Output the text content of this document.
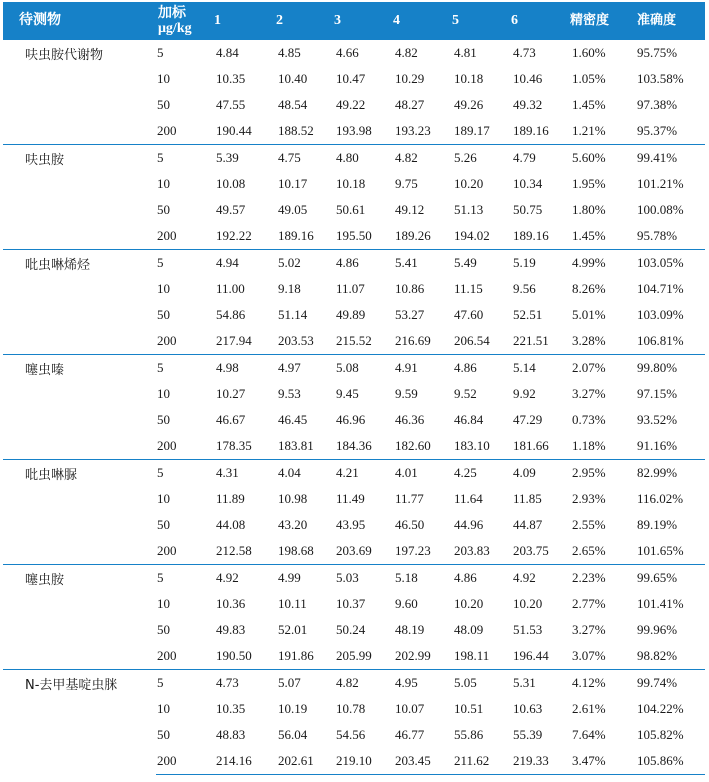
待测物	加标
μg/kg	1	2	3	4	5	6	精密度	准确度
呋虫胺代谢物	5	4.84	4.85	4.66	4.82	4.81	4.73	1.60%	95.75%
	10	10.35	10.40	10.47	10.29	10.18	10.46	1.05%	103.58%
	50	47.55	48.54	49.22	48.27	49.26	49.32	1.45%	97.38%
	200	190.44	188.52	193.98	193.23	189.17	189.16	1.21%	95.37%
呋虫胺	5	5.39	4.75	4.80	4.82	5.26	4.79	5.60%	99.41%
	10	10.08	10.17	10.18	9.75	10.20	10.34	1.95%	101.21%
	50	49.57	49.05	50.61	49.12	51.13	50.75	1.80%	100.08%
	200	192.22	189.16	195.50	189.26	194.02	189.16	1.45%	95.78%
吡虫啉烯烃	5	4.94	5.02	4.86	5.41	5.49	5.19	4.99%	103.05%
	10	11.00	9.18	11.07	10.86	11.15	9.56	8.26%	104.71%
	50	54.86	51.14	49.89	53.27	47.60	52.51	5.01%	103.09%
	200	217.94	203.53	215.52	216.69	206.54	221.51	3.28%	106.81%
噻虫嗪	5	4.98	4.97	5.08	4.91	4.86	5.14	2.07%	99.80%
	10	10.27	9.53	9.45	9.59	9.52	9.92	3.27%	97.15%
	50	46.67	46.45	46.96	46.36	46.84	47.29	0.73%	93.52%
	200	178.35	183.81	184.36	182.60	183.10	181.66	1.18%	91.16%
吡虫啉脲	5	4.31	4.04	4.21	4.01	4.25	4.09	2.95%	82.99%
	10	11.89	10.98	11.49	11.77	11.64	11.85	2.93%	116.02%
	50	44.08	43.20	43.95	46.50	44.96	44.87	2.55%	89.19%
	200	212.58	198.68	203.69	197.23	203.83	203.75	2.65%	101.65%
噻虫胺	5	4.92	4.99	5.03	5.18	4.86	4.92	2.23%	99.65%
	10	10.36	10.11	10.37	9.60	10.20	10.20	2.77%	101.41%
	50	49.83	52.01	50.24	48.19	48.09	51.53	3.27%	99.96%
	200	190.50	191.86	205.99	202.99	198.11	196.44	3.07%	98.82%
N-去甲基啶虫脒	5	4.73	5.07	4.82	4.95	5.05	5.31	4.12%	99.74%
	10	10.35	10.19	10.78	10.07	10.51	10.63	2.61%	104.22%
	50	48.83	56.04	54.56	46.77	55.86	55.39	7.64%	105.82%
	200	214.16	202.61	219.10	203.45	211.62	219.33	3.47%	105.86%
